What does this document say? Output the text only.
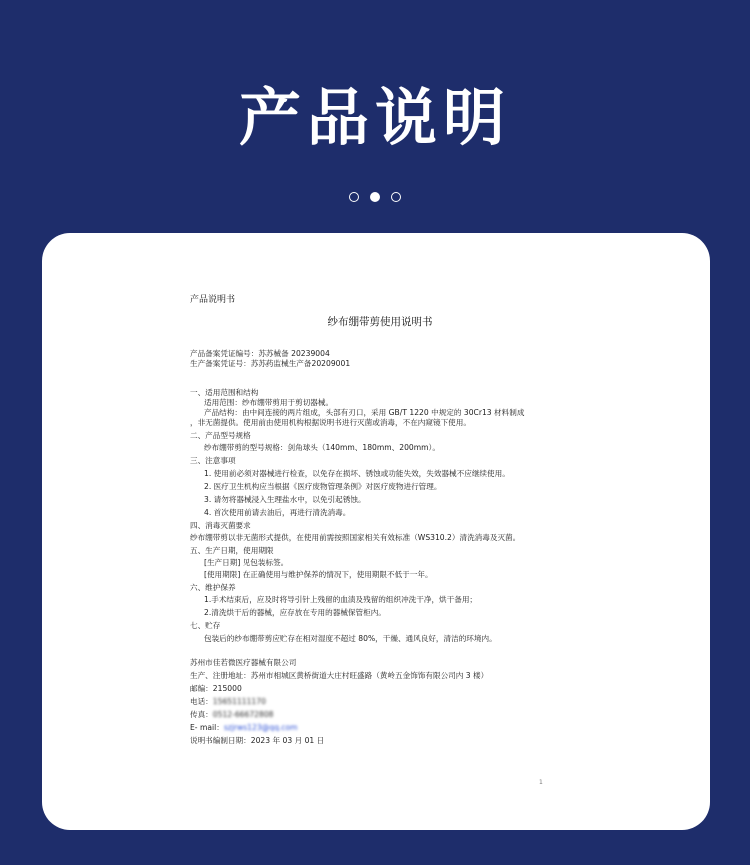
产品说明
产品说明书
纱布绷带剪使用说明书
产品备案凭证编号：苏苏械备 20239004
生产备案凭证号：苏苏药监械生产备20209001
一、适用范围和结构
适用范围：纱布绷带剪用于剪切器械。
产品结构：由中间连接的两片组成，头部有刃口，采用 GB/T 1220 中规定的 30Cr13 材料制成
，非无菌提供。使用前由使用机构根据说明书进行灭菌或消毒，不在内窥镜下使用。
二、产品型号规格
纱布绷带剪的型号规格：剑角球头（140mm、180mm、200mm）。
三、注意事项
1. 使用前必须对器械进行检查，以免存在损坏、锈蚀或功能失效，失效器械不应继续使用。
2. 医疗卫生机构应当根据《医疗废物管理条例》对医疗废物进行管理。
3. 请勿将器械浸入生理盐水中，以免引起锈蚀。
4. 首次使用前请去油后，再进行清洗消毒。
四、消毒灭菌要求
纱布绷带剪以非无菌形式提供，在使用前需按照国家相关有效标准（WS310.2）清洗消毒及灭菌。
五、生产日期，使用期限
[生产日期] 见包装标签。
[使用期限] 在正确使用与维护保养的情况下，使用期限不低于一年。
六、维护保养
1.手术结束后，应及时将导引针上残留的血渍及残留的组织冲洗干净，烘干备用；
2.清洗烘干后的器械，应存放在专用的器械保管柜内。
七、贮存
包装后的纱布绷带剪应贮存在相对湿度不超过 80%，干燥、通风良好，清洁的环境内。
苏州市佳若微医疗器械有限公司
生产、注册地址：苏州市相城区黄桥街道大庄村旺盛路（黄岭五金饰饰有限公司内 3 楼）
邮编：215000
电话：15651111170
传真：0512-66672808
E- mail：szjrws123@qq.com
说明书编制日期：2023 年 03 月 01 日
1
